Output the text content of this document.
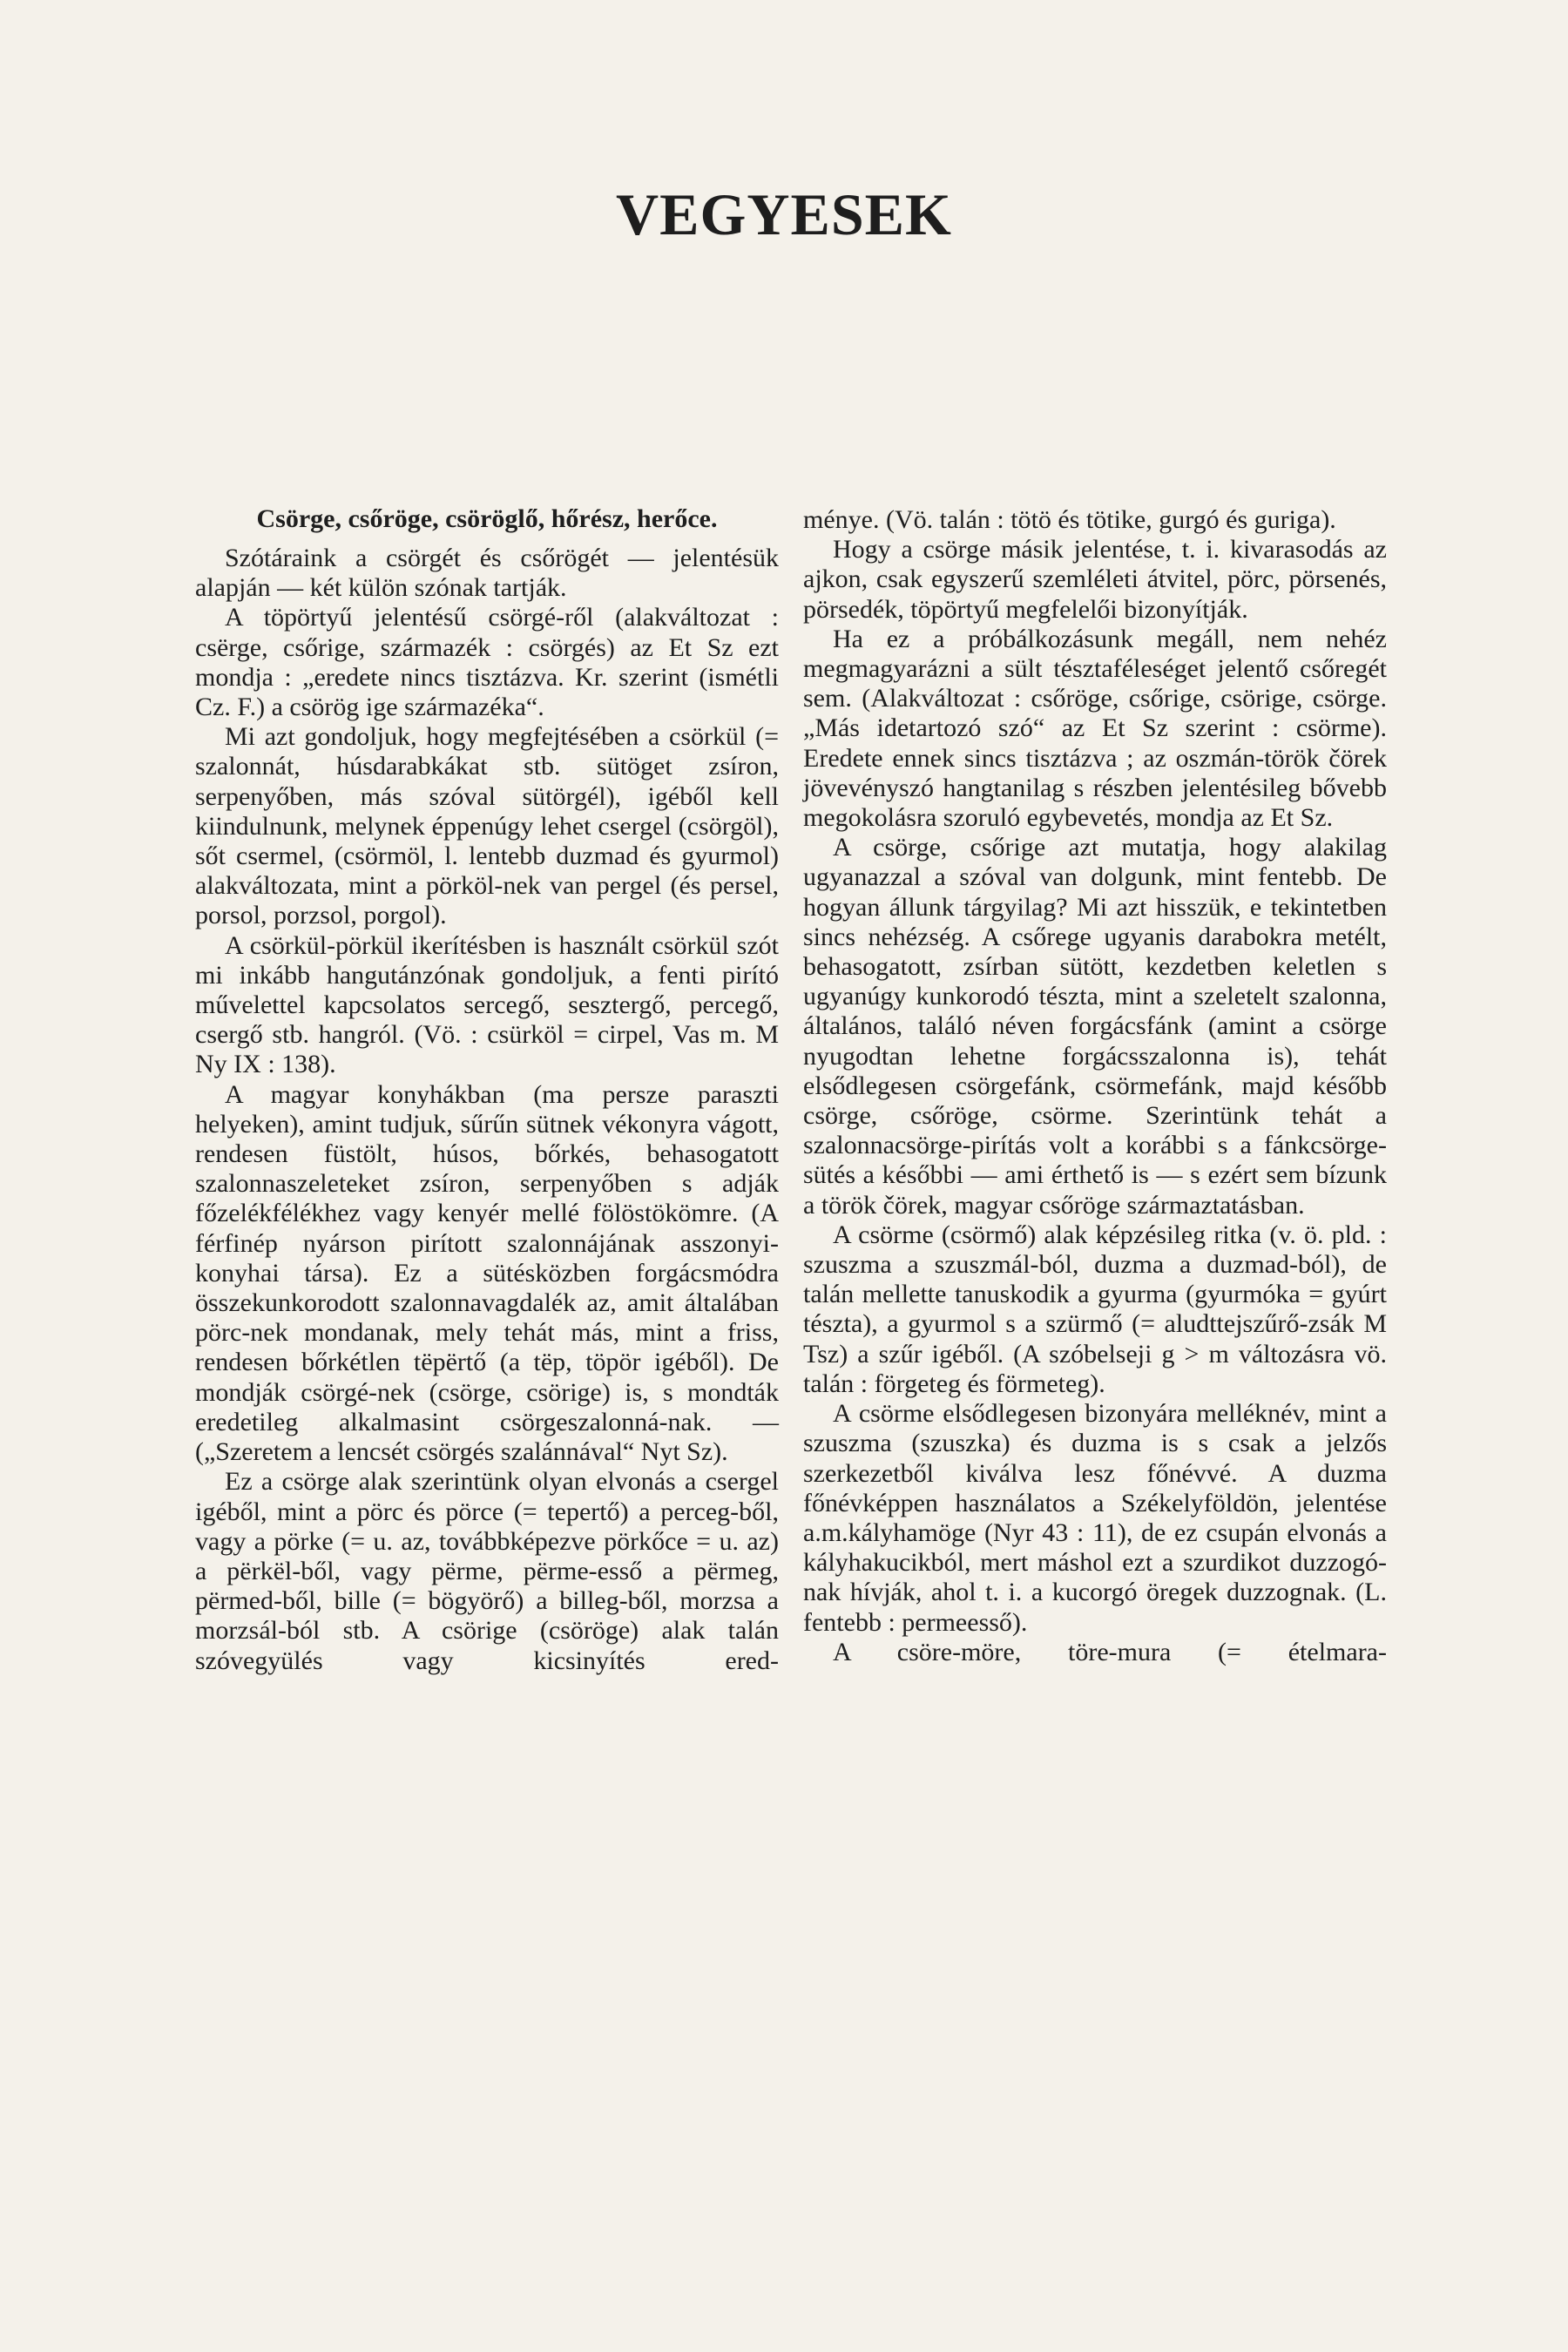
VEGYESEK
Csörge, csőröge, csöröglő, hőrész, herőce.

Szótáraink a csörgét és csőrögét — jelentésük alapján — két külön szónak tartják.

A töpörtyű jelentésű csörgé-ről (alakváltozat : csërge, csőrige, származék : csörgés) az Et Sz ezt mondja : „eredete nincs tisztázva. Kr. szerint (ismétli Cz. F.) a csörög ige származéka“.

Mi azt gondoljuk, hogy megfejtésében a csörkül (= szalonnát, húsdarabkákat stb. sütöget zsíron, serpenyőben, más szóval sütörgél), igéből kell kiindulnunk, melynek éppenúgy lehet csergel (csörgöl), sőt csermel, (csörmöl, l. lentebb duzmad és gyurmol) alakváltozata, mint a pörköl-nek van pergel (és persel, porsol, porzsol, porgol).

A csörkül-pörkül ikerítésben is használt csörkül szót mi inkább hangutánzónak gondoljuk, a fenti pirító művelettel kapcsolatos sercegő, sesztergő, percegő, csergő stb. hangról. (Vö. : csürköl = cirpel, Vas m. M Ny IX : 138).

A magyar konyhákban (ma persze paraszti helyeken), amint tudjuk, sűrűn sütnek vékonyra vágott, rendesen füstölt, húsos, bőrkés, behasogatott szalonnaszeleteket zsíron, serpenyőben s adják főzelékfélékhez vagy kenyér mellé fölöstökömre. (A férfinép nyárson pirított szalonnájának asszonyi-konyhai társa). Ez a sütésközben forgácsmódra összekunkorodott szalonnavagdalék az, amit általában pörc-nek mondanak, mely tehát más, mint a friss, rendesen bőrkétlen tëpërtő (a tëp, töpör igéből). De mondják csörgé-nek (csörge, csörige) is, s mondták eredetileg alkalmasint csörgeszalonná-nak. — („Szeretem a lencsét csörgés szalánnával“ Nyt Sz).

Ez a csörge alak szerintünk olyan elvonás a csergel igéből, mint a pörc és pörce (= tepertő) a perceg-ből, vagy a pörke (= u. az, továbbképezve pörkőce = u. az) a përkël-ből, vagy përme, përme-esső a përmeg, përmed-ből, bille (= bögyörő) a billeg-ből, morzsa a morzsál-ból stb. A csörige (csöröge) alak talán szóvegyülés vagy kicsinyítés ered-

ménye. (Vö. talán : tötö és tötike, gurgó és guriga).

Hogy a csörge másik jelentése, t. i. kivarasodás az ajkon, csak egyszerű szemléleti átvitel, pörc, pörsenés, pörsedék, töpörtyű megfelelői bizonyítják.

Ha ez a próbálkozásunk megáll, nem nehéz megmagyarázni a sült tésztaféleséget jelentő csőregét sem. (Alakváltozat : csőröge, csőrige, csörige, csörge. „Más idetartozó szó“ az Et Sz szerint : csörme). Eredete ennek sincs tisztázva ; az oszmán-török čörek jövevényszó hangtanilag s részben jelentésileg bővebb megokolásra szoruló egybevetés, mondja az Et Sz.

A csörge, csőrige azt mutatja, hogy alakilag ugyanazzal a szóval van dolgunk, mint fentebb. De hogyan állunk tárgyilag? Mi azt hisszük, e tekintetben sincs nehézség. A csőrege ugyanis darabokra metélt, behasogatott, zsírban sütött, kezdetben keletlen s ugyanúgy kunkorodó tészta, mint a szeletelt szalonna, általános, találó néven forgácsfánk (amint a csörge nyugodtan lehetne forgácsszalonna is), tehát elsődlegesen csörgefánk, csörmefánk, majd később csörge, csőröge, csörme. Szerintünk tehát a szalonnacsörge-pirítás volt a korábbi s a fánkcsörge-sütés a későbbi — ami érthető is — s ezért sem bízunk a török čörek, magyar csőröge származtatásban.

A csörme (csörmő) alak képzésileg ritka (v. ö. pld. : szuszma a szuszmál-ból, duzma a duzmad-ból), de talán mellette tanuskodik a gyurma (gyurmóka = gyúrt tészta), a gyurmol s a szürmő (= aludttejszűrő-zsák M Tsz) a szűr igéből. (A szóbelseji g > m változásra vö. talán : förgeteg és förmeteg).

A csörme elsődlegesen bizonyára melléknév, mint a szuszma (szuszka) és duzma is s csak a jelzős szerkezetből kiválva lesz főnévvé. A duzma főnévképpen használatos a Székelyföldön, jelentése a.m.kályhamöge (Nyr 43 : 11), de ez csupán elvonás a kályhakucikból, mert máshol ezt a szurdikot duzzogó-nak hívják, ahol t. i. a kucorgó öregek duzzognak. (L. fentebb : permeesső).

A csöre-möre, töre-mura (= ételmara-
